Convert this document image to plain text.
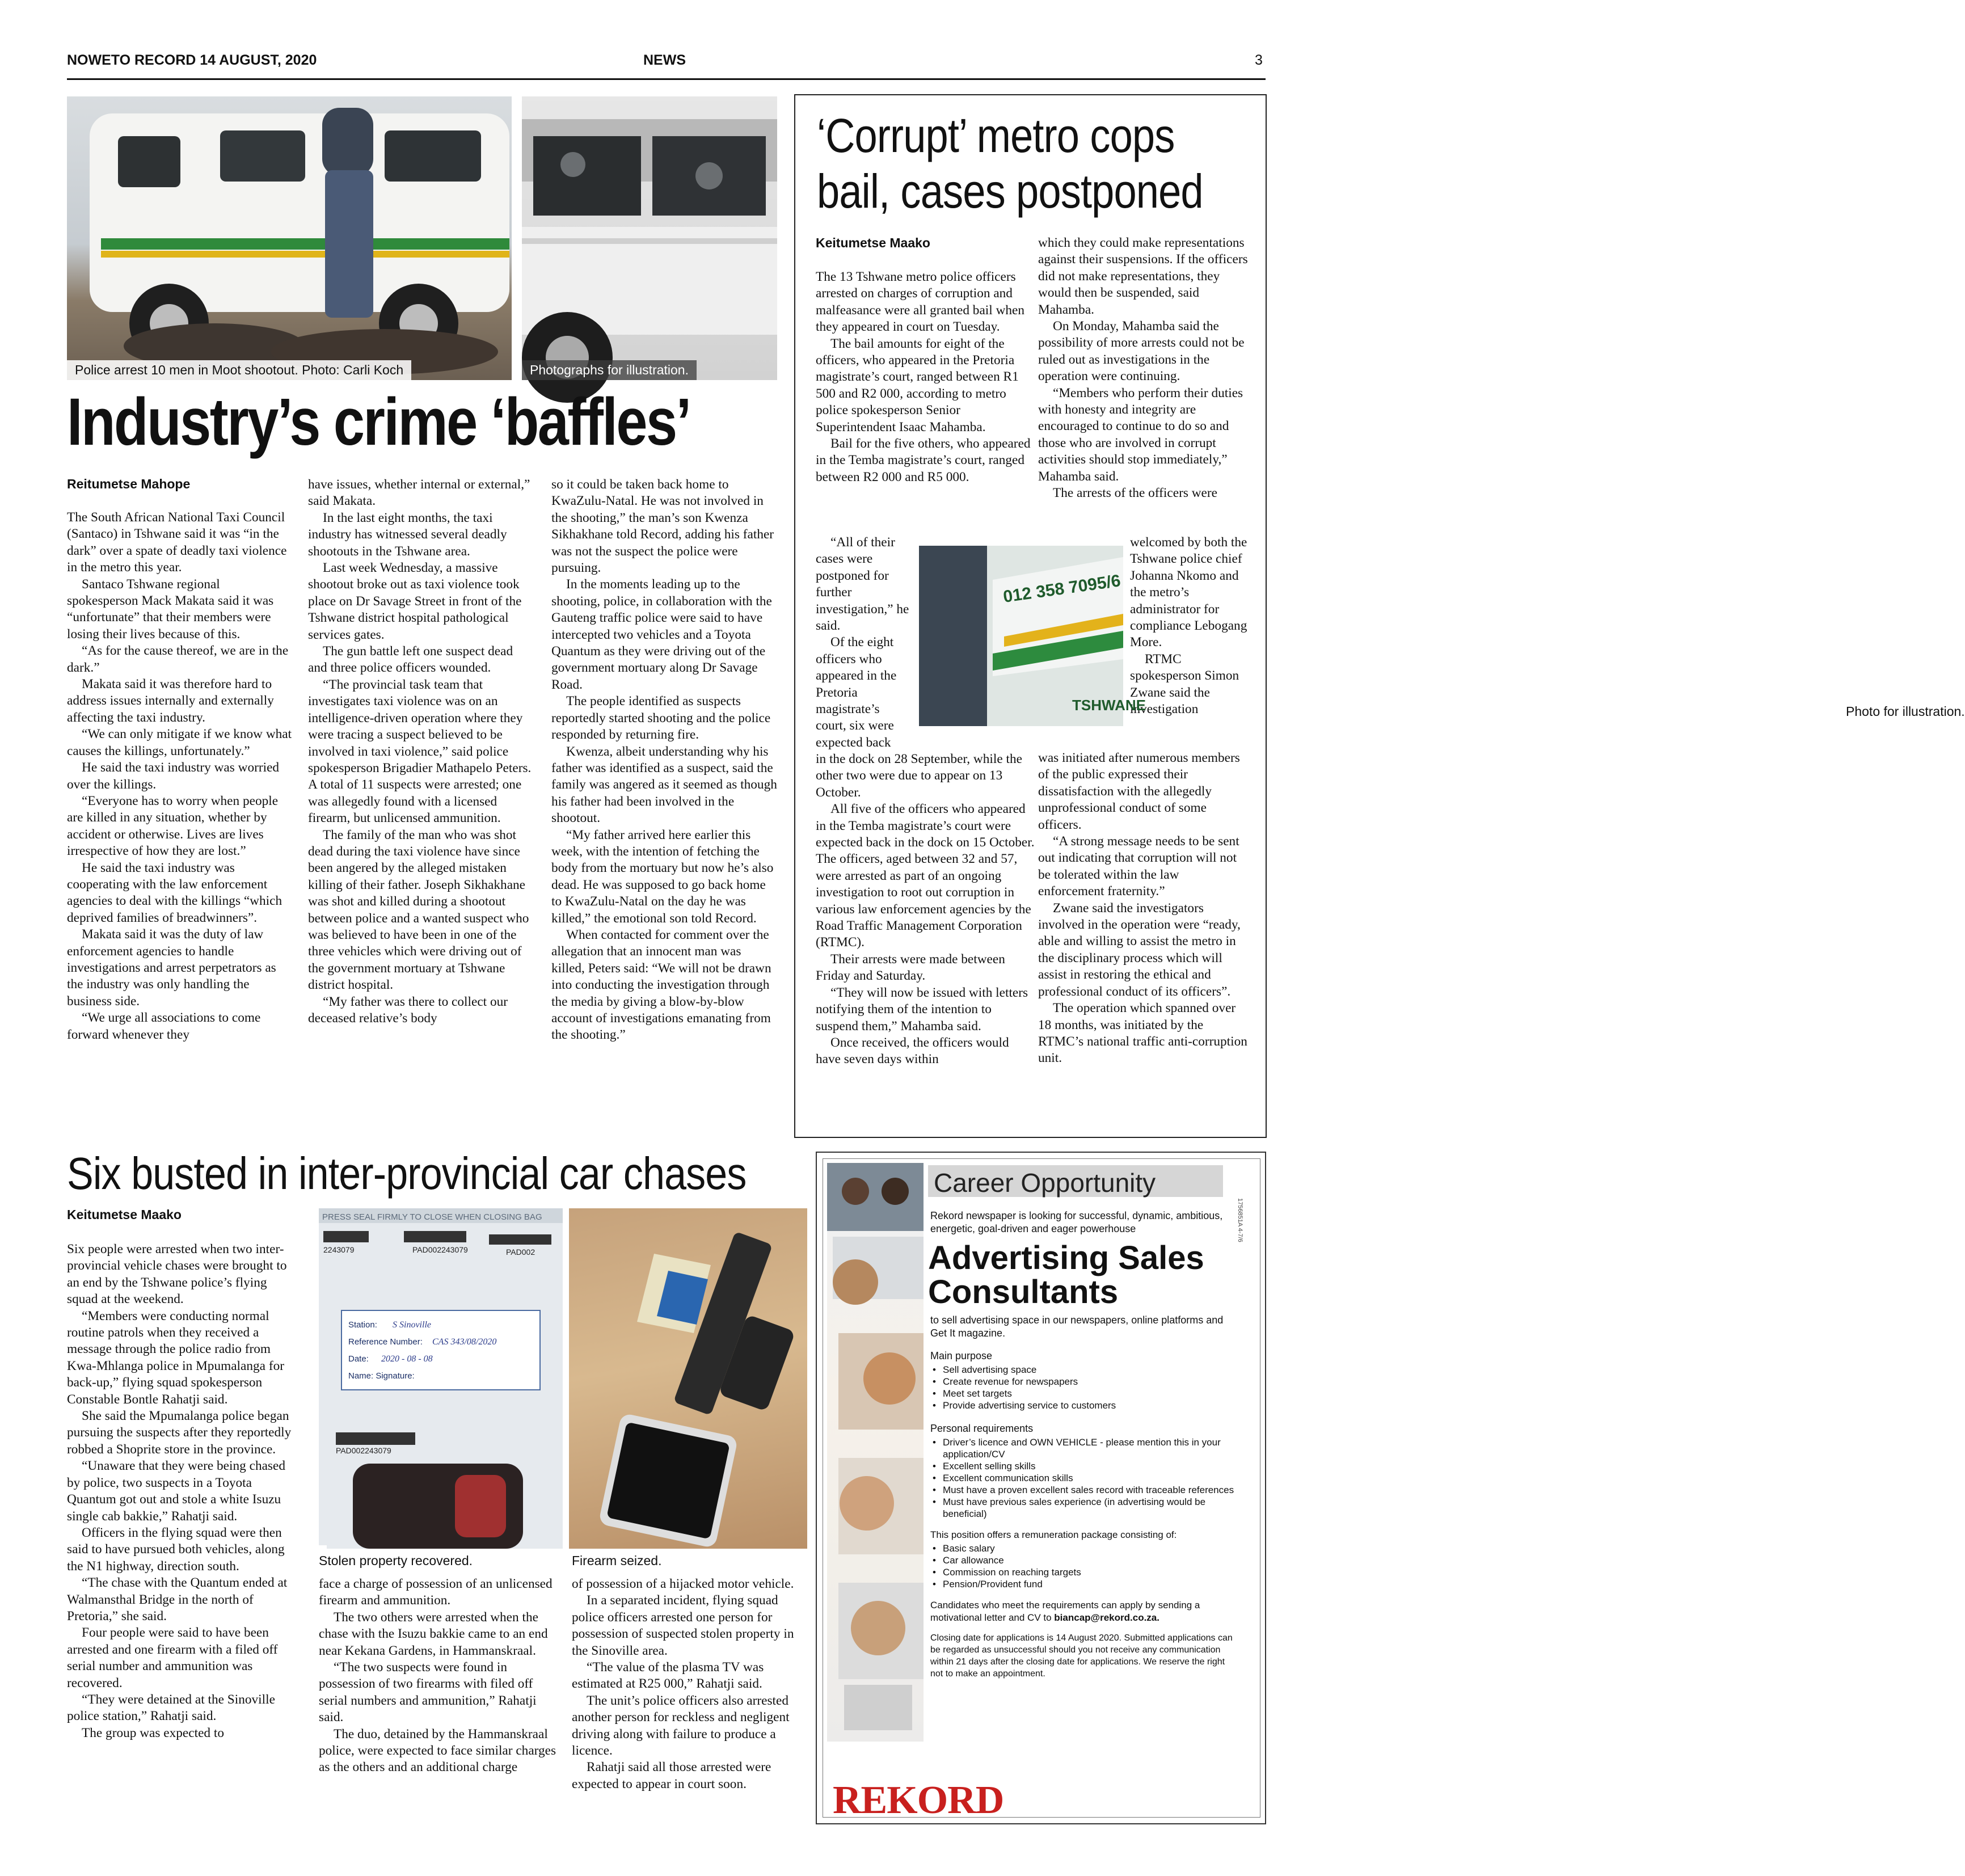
NOWETO RECORD 14 AUGUST, 2020	NEWS	3
Police arrest 10 men in Moot shootout. Photo: Carli Koch	Photographs for illustration.
Industry’s crime ‘baffles’
Reitumetse Mahope

The South African National Taxi Council (Santaco) in Tshwane said it was “in the dark” over a spate of deadly taxi violence in the metro this year.

Santaco Tshwane regional spokesperson Mack Makata said it was “unfortunate” that their members were losing their lives because of this.

“As for the cause thereof, we are in the dark.”

Makata said it was therefore hard to address issues internally and externally affecting the taxi industry.

“We can only mitigate if we know what causes the killings, unfortunately.”

He said the taxi industry was worried over the killings.

“Everyone has to worry when people are killed in any situation, whether by accident or otherwise. Lives are lives irrespective of how they are lost.”

He said the taxi industry was cooperating with the law enforcement agencies to deal with the killings “which deprived families of breadwinners”.

Makata said it was the duty of law enforcement agencies to handle investigations and arrest perpetrators as the industry was only handling the business side.

“We urge all associations to come forward whenever they

have issues, whether internal or external,” said Makata.

In the last eight months, the taxi industry has witnessed several deadly shootouts in the Tshwane area.

Last week Wednesday, a massive shootout broke out as taxi violence took place on Dr Savage Street in front of the Tshwane district hospital pathological services gates.

The gun battle left one suspect dead and three police officers wounded.

“The provincial task team that investigates taxi violence was on an intelligence-driven operation where they were tracing a suspect believed to be involved in taxi violence,” said police spokesperson Brigadier Mathapelo Peters. A total of 11 suspects were arrested; one was allegedly found with a licensed firearm, but unlicensed ammunition.

The family of the man who was shot dead during the taxi violence have since been angered by the alleged mistaken killing of their father. Joseph Sikhakhane was shot and killed during a shootout between police and a wanted suspect who was believed to have been in one of the three vehicles which were driving out of the government mortuary at Tshwane district hospital.

“My father was there to collect our deceased relative’s body

so it could be taken back home to KwaZulu-Natal. He was not involved in the shooting,” the man’s son Kwenza Sikhakhane told Record, adding his father was not the suspect the police were pursuing.

In the moments leading up to the shooting, police, in collaboration with the Gauteng traffic police were said to have intercepted two vehicles and a Toyota Quantum as they were driving out of the government mortuary along Dr Savage Road.

The people identified as suspects reportedly started shooting and the police responded by returning fire.

Kwenza, albeit understanding why his father was identified as a suspect, said the family was angered as it seemed as though his father had been involved in the shootout.

“My father arrived here earlier this week, with the intention of fetching the body from the mortuary but now he’s also dead. He was supposed to go back home to KwaZulu-Natal on the day he was killed,” the emotional son told Record.

When contacted for comment over the allegation that an innocent man was killed, Peters said: “We will not be drawn into conducting the investigation through the media by giving a blow-by-blow account of investigations emanating from the shooting.”

‘Corrupt’ metro cops
bail, cases postponed
Keitumetse Maako

The 13 Tshwane metro police officers arrested on charges of corruption and malfeasance were all granted bail when they appeared in court on Tuesday.

The bail amounts for eight of the officers, who appeared in the Pretoria magistrate’s court, ranged between R1 500 and R2 000, according to metro police spokesperson Senior Superintendent Isaac Mahamba.

Bail for the five others, who appeared in the Temba magistrate’s court, ranged between R2 000 and R5 000.

“All of their cases were postponed for further investigation,” he said.

Of the eight officers who appeared in the Pretoria magistrate’s court, six were expected back

in the dock on 28 September, while the other two were due to appear on 13 October.

All five of the officers who appeared in the Temba magistrate’s court were expected back in the dock on 15 October. The officers, aged between 32 and 57, were arrested as part of an ongoing investigation to root out corruption in various law enforcement agencies by the Road Traffic Management Corporation (RTMC).

Their arrests were made between Friday and Saturday.

“They will now be issued with letters notifying them of the intention to suspend them,” Mahamba said.

Once received, the officers would have seven days within

which they could make representations against their suspensions. If the officers did not make representations, they would then be suspended, said Mahamba.

On Monday, Mahamba said the possibility of more arrests could not be ruled out as investigations in the operation were continuing.

“Members who perform their duties with honesty and integrity are encouraged to continue to do so and those who are involved in corrupt activities should stop immediately,” Mahamba said.

The arrests of the officers were

welcomed by both the Tshwane police chief Johanna Nkomo and the metro’s administrator for compliance Lebogang More.

RTMC spokesperson Simon Zwane said the investigation

was initiated after numerous members of the public expressed their dissatisfaction with the allegedly unprofessional conduct of some officers.

“A strong message needs to be sent out indicating that corruption will not be tolerated within the law enforcement fraternity.”

Zwane said the investigators involved in the operation were “ready, able and willing to assist the metro in the disciplinary process which will assist in restoring the ethical and professional conduct of its officers”.

The operation which spanned over 18 months, was initiated by the RTMC’s national traffic anti-corruption unit.

012 358 7095/6
TSHWANE	Photo for illustration.
Six busted in inter-provincial car chases
Keitumetse Maako

Six people were arrested when two inter-provincial vehicle chases were brought to an end by the Tshwane police’s flying squad at the weekend.

“Members were conducting normal routine patrols when they received a message through the police radio from Kwa-Mhlanga police in Mpumalanga for back-up,” flying squad spokesperson Constable Bontle Rahatji said.

She said the Mpumalanga police began pursuing the suspects after they reportedly robbed a Shoprite store in the province.

“Unaware that they were being chased by police, two suspects in a Toyota Quantum got out and stole a white Isuzu single cab bakkie,” Rahatji said.

Officers in the flying squad were then said to have pursued both vehicles, along the N1 highway, direction south.

“The chase with the Quantum ended at Walmansthal Bridge in the north of Pretoria,” she said.

Four people were said to have been arrested and one firearm with a filed off serial number and ammunition was recovered.

“They were detained at the Sinoville police station,” Rahatji said.

The group was expected to

PRESS SEAL FIRMLY TO CLOSE WHEN CLOSING BAG
2243079	PAD002243079	PAD002
Station: S Sinoville
Reference Number: CAS 343/08/2020
Date: 2020 - 08 - 08
Name: Signature:
PAD002243079
Stolen property recovered.	Firearm seized.

face a charge of possession of an unlicensed firearm and ammunition.

The two others were arrested when the chase with the Isuzu bakkie came to an end near Kekana Gardens, in Hammanskraal.

“The two suspects were found in possession of two firearms with filed off serial numbers and ammunition,” Rahatji said.

The duo, detained by the Hammanskraal police, were expected to face similar charges as the others and an additional charge

of possession of a hijacked motor vehicle.

In a separated incident, flying squad police officers arrested one person for possession of suspected stolen property in the Sinoville area.

“The value of the plasma TV was estimated at R25 000,” Rahatji said.

The unit’s police officers also arrested another person for reckless and negligent driving along with failure to produce a licence.

Rahatji said all those arrested were expected to appear in court soon.

Career Opportunity
1756851A 4-7/6
Rekord newspaper is looking for successful, dynamic, ambitious, energetic, goal-driven and eager powerhouse
Advertising Sales
Consultants
to sell advertising space in our newspapers, online platforms and Get It magazine.
Main purpose
• Sell advertising space
• Create revenue for newspapers
• Meet set targets
• Provide advertising service to customers
Personal requirements
• Driver’s licence and OWN VEHICLE - please mention this in your application/CV
• Excellent selling skills
• Excellent communication skills
• Must have a proven excellent sales record with traceable references
• Must have previous sales experience (in advertising would be beneficial)
This position offers a remuneration package consisting of:
• Basic salary
• Car allowance
• Commission on reaching targets
• Pension/Provident fund
Candidates who meet the requirements can apply by sending a motivational letter and CV to biancap@rekord.co.za.
Closing date for applications is 14 August 2020. Submitted applications can be regarded as unsuccessful should you not receive any communication within 21 days after the closing date for applications. We reserve the right not to make an appointment.
REKORD
